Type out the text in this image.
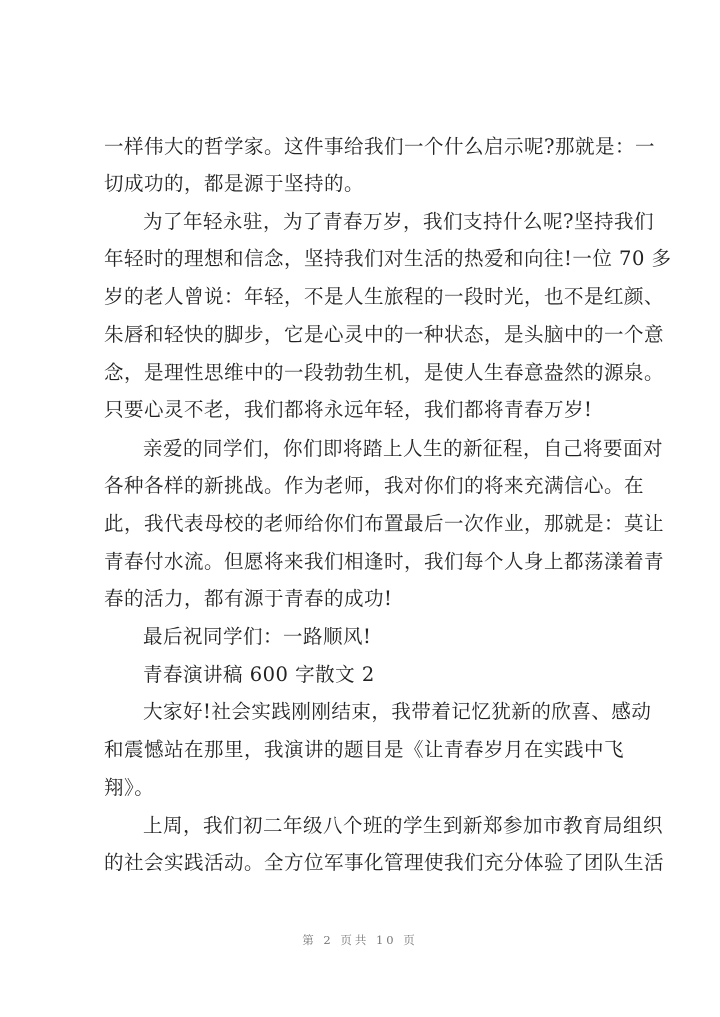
一样伟大的哲学家。这件事给我们一个什么启示呢?那就是：一
切成功的，都是源于坚持的。
为了年轻永驻，为了青春万岁，我们支持什么呢?坚持我们
年轻时的理想和信念，坚持我们对生活的热爱和向往!一位 70 多
岁的老人曾说：年轻，不是人生旅程的一段时光，也不是红颜、
朱唇和轻快的脚步，它是心灵中的一种状态，是头脑中的一个意
念，是理性思维中的一段勃勃生机，是使人生春意盎然的源泉。
只要心灵不老，我们都将永远年轻，我们都将青春万岁!
亲爱的同学们，你们即将踏上人生的新征程，自己将要面对
各种各样的新挑战。作为老师，我对你们的将来充满信心。在
此，我代表母校的老师给你们布置最后一次作业，那就是：莫让
青春付水流。但愿将来我们相逢时，我们每个人身上都荡漾着青
春的活力，都有源于青春的成功!
最后祝同学们：一路顺风!
青春演讲稿 600 字散文 2
大家好!社会实践刚刚结束，我带着记忆犹新的欣喜、感动
和震憾站在那里，我演讲的题目是《让青春岁月在实践中飞
翔》。
上周，我们初二年级八个班的学生到新郑参加市教育局组织
的社会实践活动。全方位军事化管理使我们充分体验了团队生活
第 2 页共 10 页
